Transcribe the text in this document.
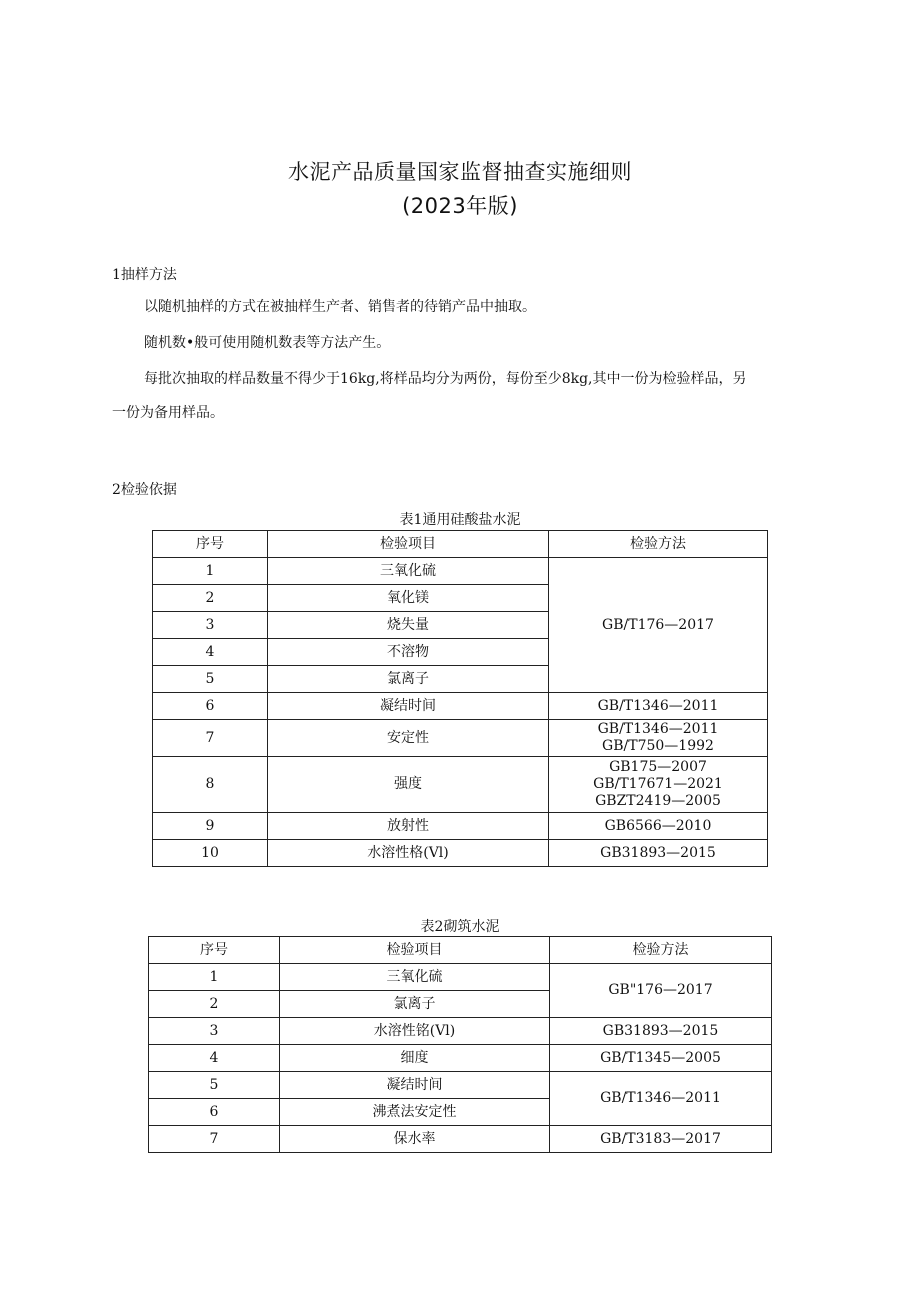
水泥产品质量国家监督抽查实施细则
(2023年版)
1抽样方法
以随机抽样的方式在被抽样生产者、销售者的待销产品中抽取。
随机数•般可使用随机数表等方法产生。
每批次抽取的样品数量不得少于16kg,将样品均分为两份，每份至少8kg,其中一份为检验样品，另
一份为备用样品。
2检验依据
表1通用硅酸盐水泥
序号	检验项目	检验方法
1	三氧化硫	GB/T176—2017
2	氧化镁	
3	烧失量	
4	不溶物	
5	氯离子	
6	凝结时间	GB/T1346—2011
7	安定性	GB/T1346—2011
GB/T750—1992

8	强度	GB175—2007
GB/T17671—2021
GBZT2419—2005

9	放射性	GB6566—2010
10	水溶性格(Vl)	GB31893—2015
表2砌筑水泥
序号	检验项目	检验方法
1	三氧化硫	GB"176—2017
2	氯离子	
3	水溶性铭(Vl)	GB31893—2015
4	细度	GB/T1345—2005
5	凝结时间	GB/T1346—2011
6	沸煮法安定性	
7	保水率	GB/T3183—2017
